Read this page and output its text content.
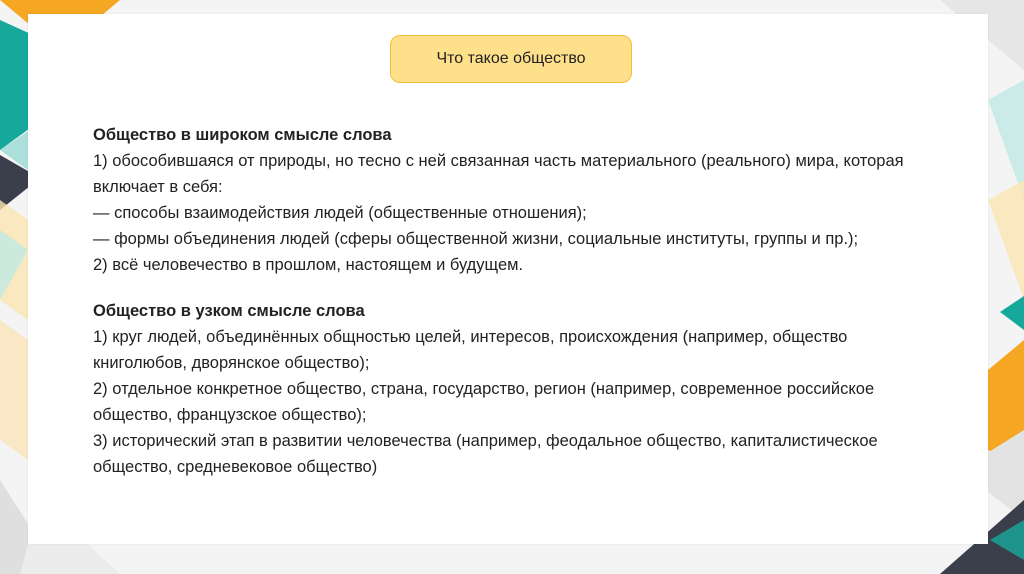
Что такое общество

Общество в широком смысле слова

1) обособившаяся от природы, но тесно с ней связанная часть материального (реального) мира, которая включает в себя:

— способы взаимодействия людей (общественные отношения);

— формы объединения людей (сферы общественной жизни, социальные институты, группы и пр.);

2) всё человечество в прошлом, настоящем и будущем.

Общество в узком смысле слова

1) круг людей, объединённых общностью целей, интересов, происхождения (например, общество книголюбов, дворянское общество);

2) отдельное конкретное общество, страна, государство, регион (например, современное российское общество, французское общество);

3) исторический этап в развитии человечества (например, феодальное общество, капиталистическое общество, средневековое общество)
